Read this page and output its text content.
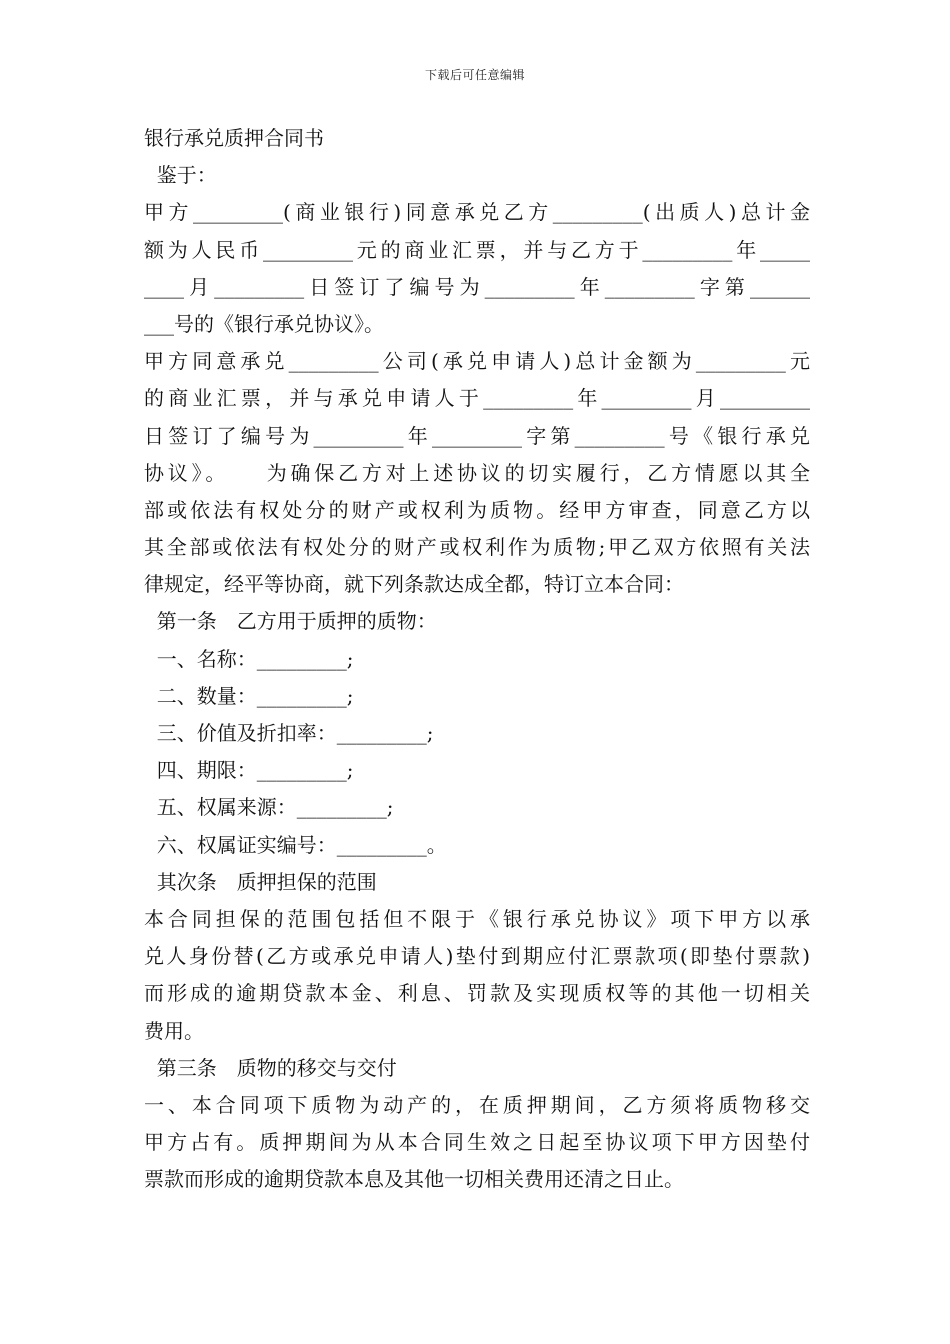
下载后可任意编辑
银行承兑质押合同书
鉴于：
甲方_________(商业银行)同意承兑乙方_________(出质人)总计金
额为人民币_________元的商业汇票，并与乙方于_________年_____
____月_________日签订了编号为_________年_________字第______
___号的《银行承兑协议》。
甲方同意承兑_________公司(承兑申请人)总计金额为_________元
的商业汇票，并与承兑申请人于_________年_________月_________
日签订了编号为_________年_________字第_________号《银行承兑
协议》。　　为确保乙方对上述协议的切实履行，乙方情愿以其全
部或依法有权处分的财产或权利为质物。经甲方审查，同意乙方以
其全部或依法有权处分的财产或权利作为质物;甲乙双方依照有关法
律规定，经平等协商，就下列条款达成全都，特订立本合同：
第一条　乙方用于质押的质物：
一、名称：_________;
二、数量：_________;
三、价值及折扣率：_________;
四、期限：_________;
五、权属来源：_________;
六、权属证实编号：_________。
其次条　质押担保的范围
本合同担保的范围包括但不限于《银行承兑协议》项下甲方以承
兑人身份替(乙方或承兑申请人)垫付到期应付汇票款项(即垫付票款)
而形成的逾期贷款本金、利息、罚款及实现质权等的其他一切相关
费用。
第三条　质物的移交与交付
一、本合同项下质物为动产的，在质押期间，乙方须将质物移交
甲方占有。质押期间为从本合同生效之日起至协议项下甲方因垫付
票款而形成的逾期贷款本息及其他一切相关费用还清之日止。
